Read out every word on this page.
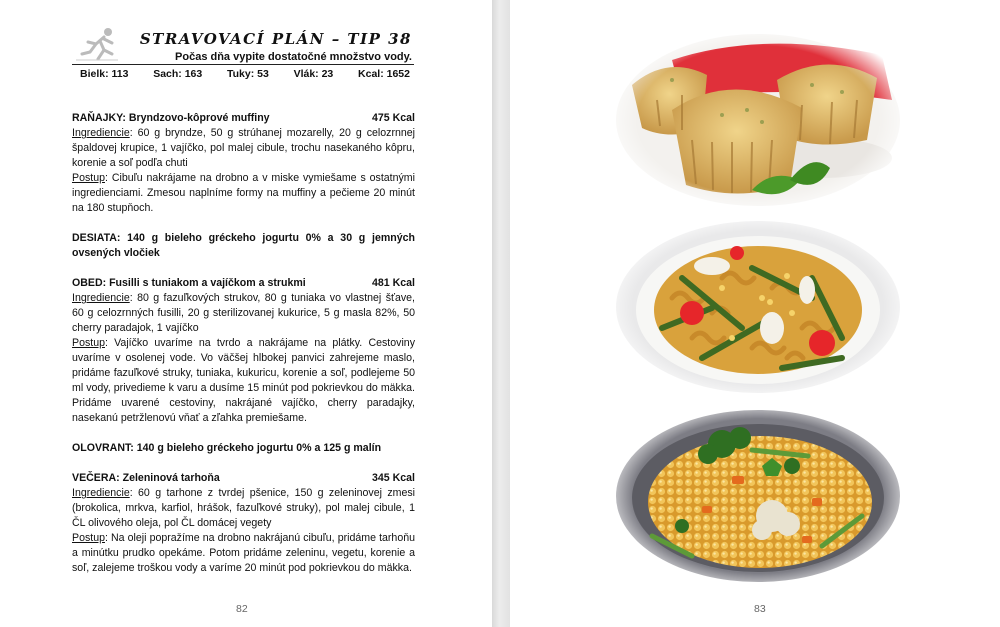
STRAVOVACÍ PLÁN – TIP 38
Počas dňa vypite dostatočné množstvo vody.
Bielk: 113 Sach: 163 Tuky: 53 Vlák: 23 Kcal: 1652
RAŇAJKY: Bryndzovo-kôprové muffiny	475 Kcal
Ingrediencie: 60 g bryndze, 50 g strúhanej mozarelly, 20 g celozrnnej špaldovej krupice, 1 vajíčko, pol malej cibule, trochu nasekaného kôpru, korenie a soľ podľa chuti
Postup: Cibuľu nakrájame na drobno a v miske vymiešame s ostatnými ingredienciami. Zmesou naplníme formy na muffiny a pečieme 20 minút na 180 stupňoch.
DESIATA: 140 g bieleho gréckeho jogurtu 0% a 30 g jemných ovsených vločiek
OBED: Fusilli s tuniakom a vajíčkom a strukmi	481 Kcal
Ingrediencie: 80 g fazuľkových strukov, 80 g tuniaka vo vlastnej šťave, 60 g celozrnných fusilli, 20 g sterilizovanej kukurice, 5 g masla 82%, 50 cherry paradajok, 1 vajíčko
Postup: Vajíčko uvaríme na tvrdo a nakrájame na plátky. Cestoviny uvaríme v osolenej vode. Vo väčšej hlbokej panvici zahrejeme maslo, pridáme fazuľkové struky, tuniaka, kukuricu, korenie a soľ, podlejeme 50 ml vody, privedieme k varu a dusíme 15 minút pod pokrievkou do mäkka. Pridáme uvarené cestoviny, nakrájané vajíčko, cherry paradajky, nasekanú petržlenovú vňať a zľahka premiešame.
OLOVRANT: 140 g bieleho gréckeho jogurtu 0% a 125 g malín
VEČERA: Zeleninová tarhoňa	345 Kcal
Ingrediencie: 60 g tarhone z tvrdej pšenice, 150 g zeleninovej zmesi (brokolica, mrkva, karfiol, hrášok, fazuľkové struky), pol malej cibule, 1 ČL olivového oleja, pol ČL domácej vegety
Postup: Na oleji popražíme na drobno nakrájanú cibuľu, pridáme tarhoňu a minútku prudko opekáme. Potom pridáme zeleninu, vegetu, korenie a soľ, zalejeme troškou vody a varíme 20 minút pod pokrievkou do mäkka.
82	83
